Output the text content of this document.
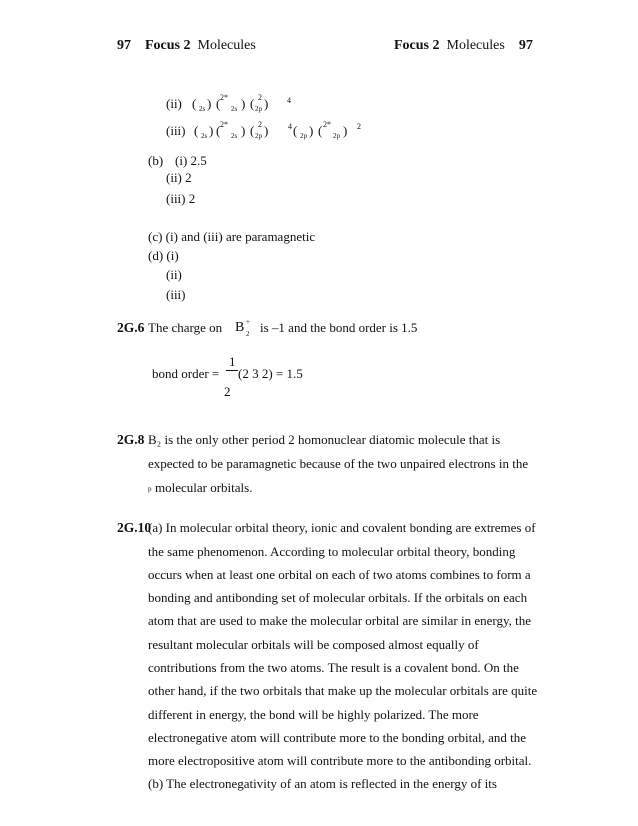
97 Focus 2 Molecules	Focus 2 Molecules 97
(ii) ( 2s ) ( 2*
2s ) ( 2
2p ) 4
(iii) ( 2s ) ( 2*
2s ) ( 2
2p ) 4 ( 2p ) ( 2*
2p ) 2
(b) (i) 2.5
(ii) 2
(iii) 2
(c) (i) and (iii) are paramagnetic
(d) (i)
(ii)
(iii)
2G.6 The charge on B +
2 is –1 and the bond order is 1.5
bond order =
1
(2 3 2) = 1.5
2
2G.8 B₂ is the only other period 2 homonuclear diatomic molecule that is
expected to be paramagnetic because of the two unpaired electrons in the
p molecular orbitals.
2G.10
(a) In molecular orbital theory, ionic and covalent bonding are extremes of
the same phenomenon. According to molecular orbital theory, bonding
occurs when at least one orbital on each of two atoms combines to form a
bonding and antibonding set of molecular orbitals. If the orbitals on each
atom that are used to make the molecular orbital are similar in energy, the
resultant molecular orbitals will be composed almost equally of
contributions from the two atoms. The result is a covalent bond. On the
other hand, if the two orbitals that make up the molecular orbitals are quite
different in energy, the bond will be highly polarized. The more
electronegative atom will contribute more to the bonding orbital, and the
more electropositive atom will contribute more to the antibonding orbital.
(b) The electronegativity of an atom is reflected in the energy of its
